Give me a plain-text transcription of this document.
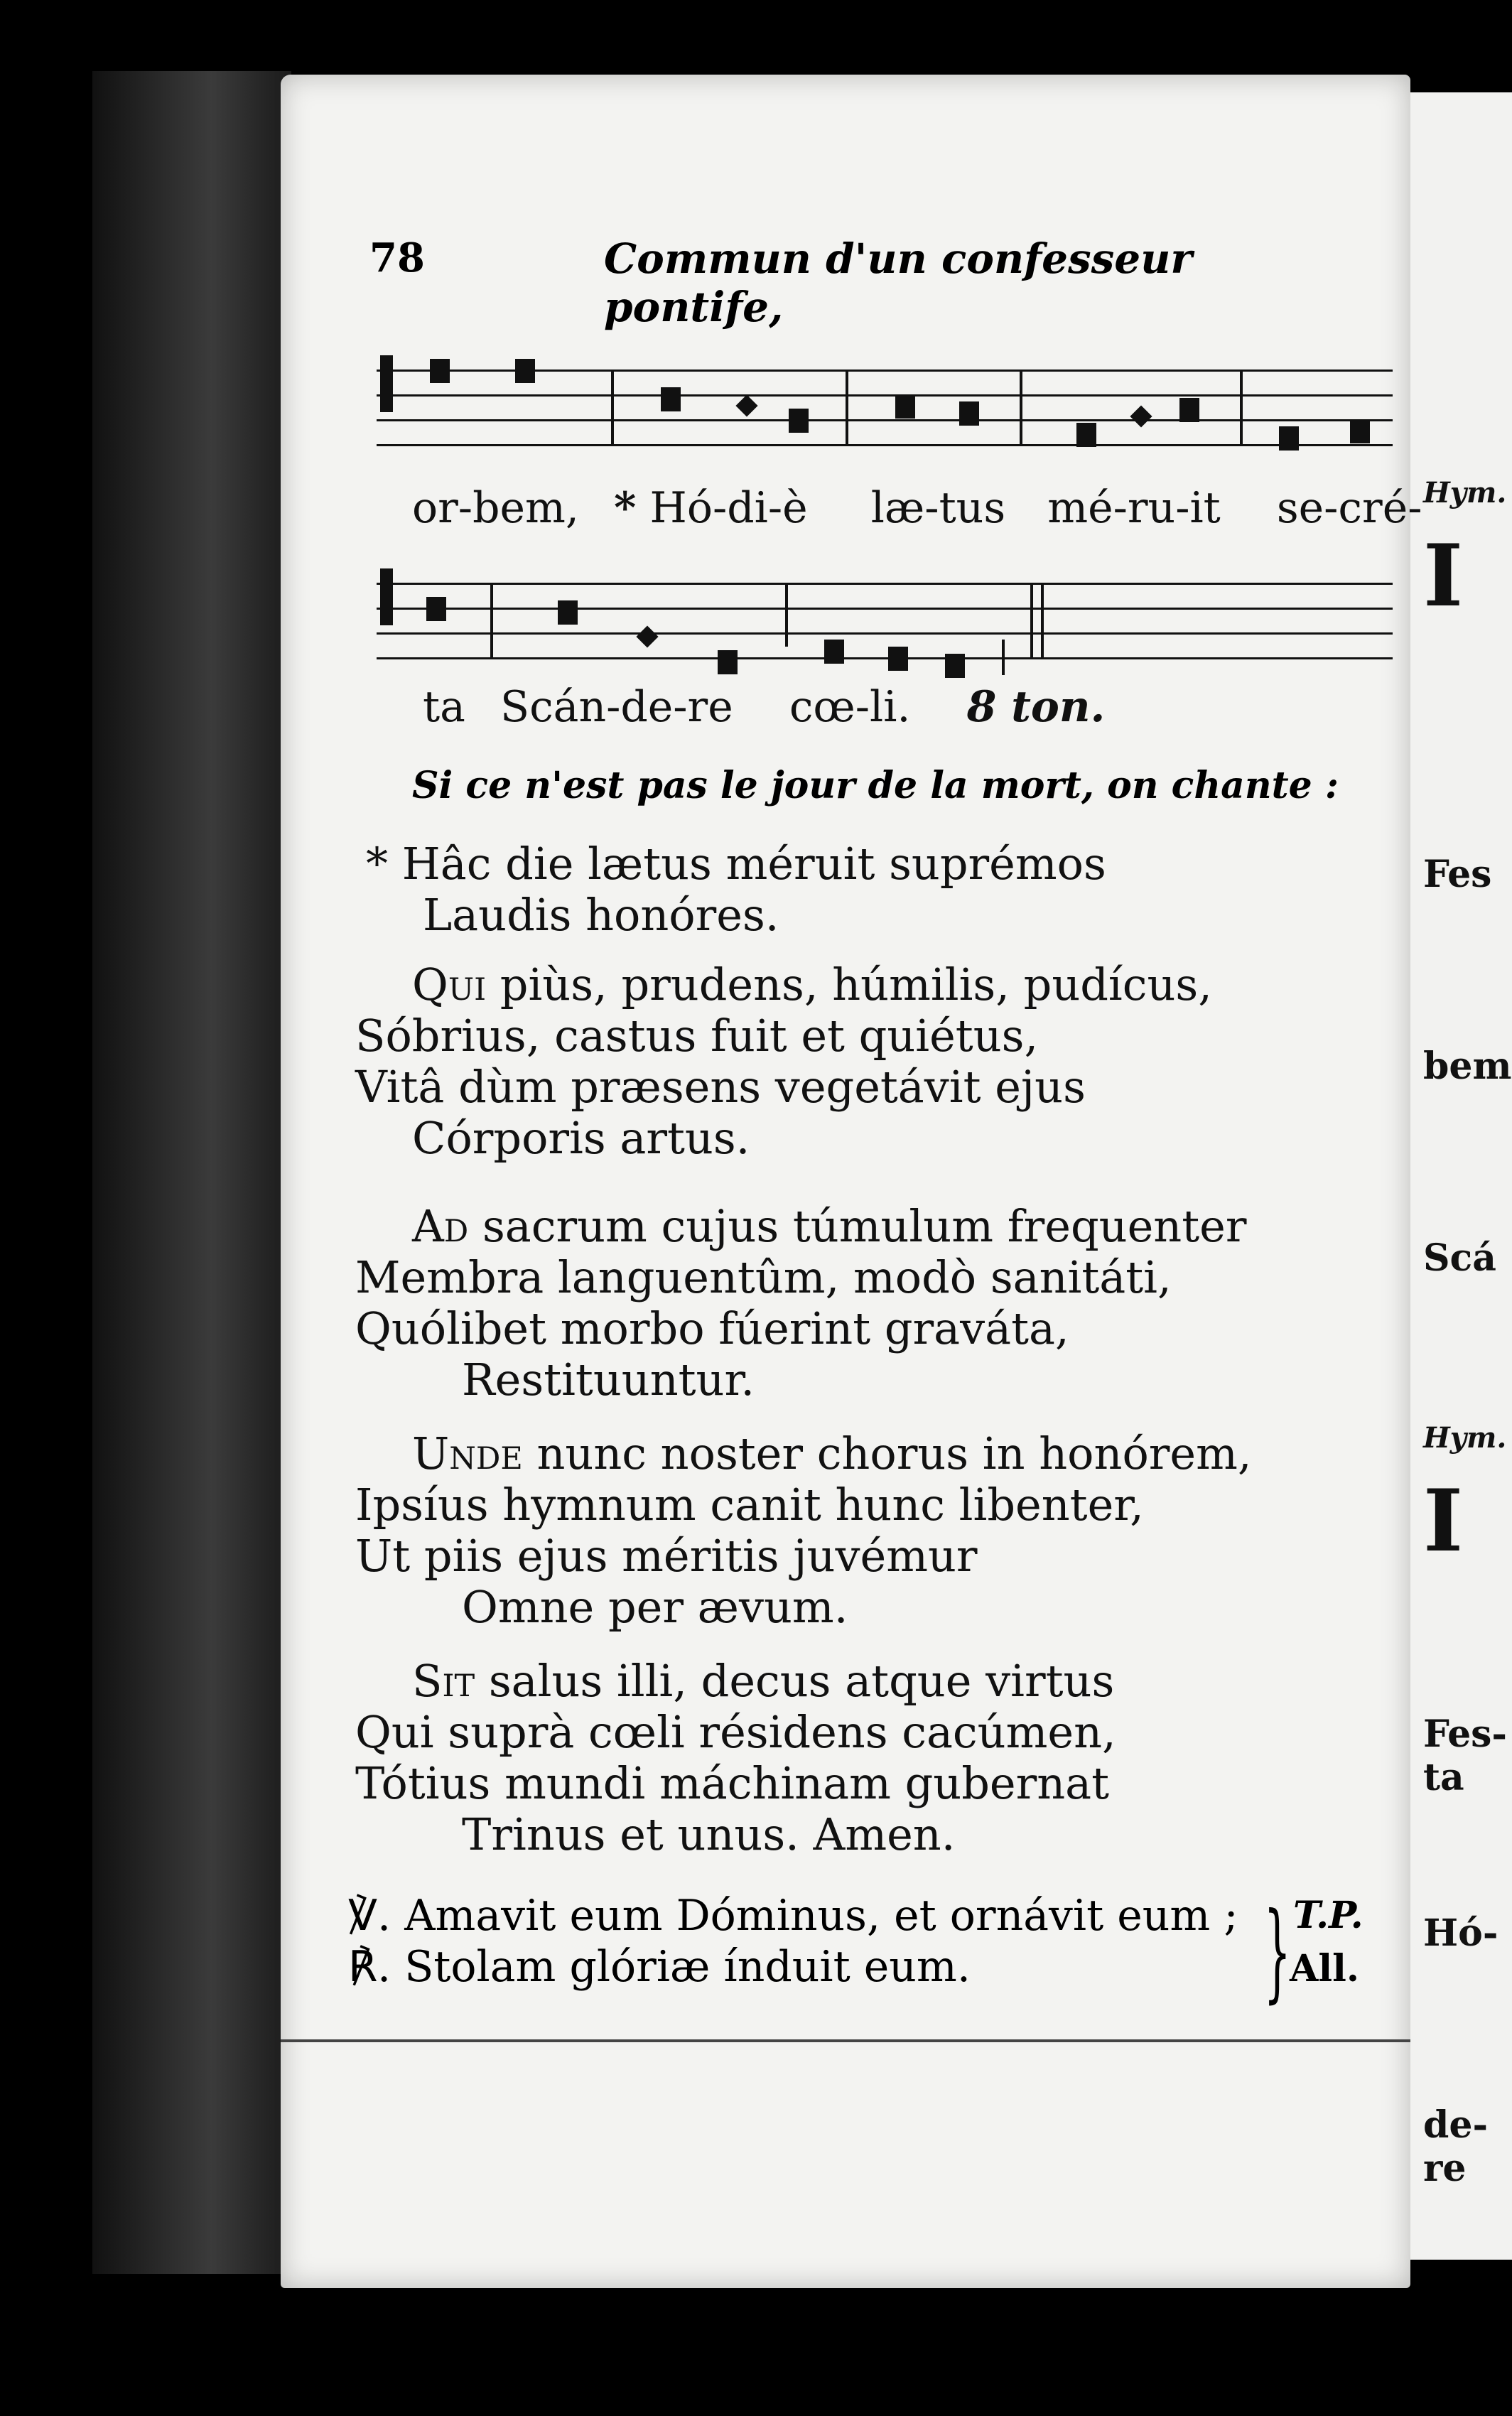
Hym.
I
Fes
bem
Scá
Hym.
I
Fes-ta
Hó-
de-re
78	Commun d'un confesseur pontife,
or-bem, * Hó-di-è læ-tus mé-ru-it se-cré-
ta Scán-de-re cœ-li. 8 ton.
Si ce n'est pas le jour de la mort, on chante :
* Hâc die lætus méruit suprémos
Laudis honóres.
Qui piùs, prudens, húmilis, pudícus,
Sóbrius, castus fuit et quiétus,
Vitâ dùm præsens vegetávit ejus
Córporis artus.
Ad sacrum cujus túmulum frequenter
Membra languentûm, modò sanitáti,
Quólibet morbo fúerint graváta,
Restituuntur.
Unde nunc noster chorus in honórem,
Ipsíus hymnum canit hunc libenter,
Ut piis ejus méritis juvémur
Omne per ævum.
Sit salus illi, decus atque virtus
Qui suprà cœli résidens cacúmen,
Tótius mundi máchinam gubernat
Trinus et unus. Amen.
℣. Amavit eum Dóminus, et ornávit eum ;
℟. Stolam glóriæ índuit eum.	} T.P.
All.
